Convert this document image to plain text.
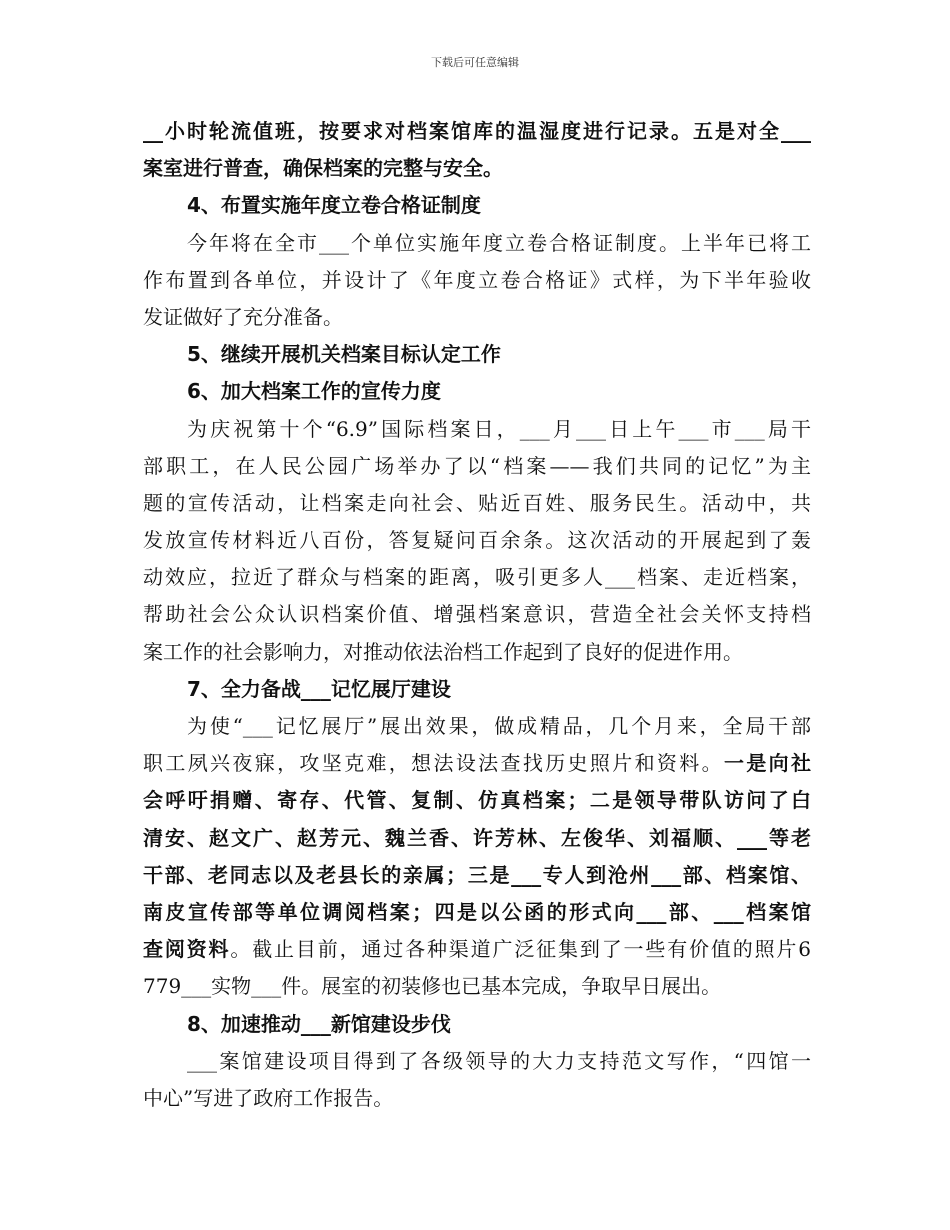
下载后可任意编辑
__小时轮流值班，按要求对档案馆库的温湿度进行记录。五是对全___
案室进行普查，确保档案的完整与安全。
4、布置实施年度立卷合格证制度
今年将在全市___个单位实施年度立卷合格证制度。上半年已将工
作布置到各单位，并设计了《年度立卷合格证》式样，为下半年验收
发证做好了充分准备。
5、继续开展机关档案目标认定工作
6、加大档案工作的宣传力度
为庆祝第十个“6.9”国际档案日，___月___日上午___市___局干
部职工，在人民公园广场举办了以“档案——我们共同的记忆”为主
题的宣传活动，让档案走向社会、贴近百姓、服务民生。活动中，共
发放宣传材料近八百份，答复疑问百余条。这次活动的开展起到了轰
动效应，拉近了群众与档案的距离，吸引更多人___档案、走近档案，
帮助社会公众认识档案价值、增强档案意识，营造全社会关怀支持档
案工作的社会影响力，对推动依法治档工作起到了良好的促进作用。
7、全力备战___记忆展厅建设
为使“___记忆展厅”展出效果，做成精品，几个月来，全局干部
职工夙兴夜寐，攻坚克难，想法设法查找历史照片和资料。一是向社
会呼吁捐赠、寄存、代管、复制、仿真档案；二是领导带队访问了白
清安、赵文广、赵芳元、魏兰香、许芳林、左俊华、刘福顺、___等老
干部、老同志以及老县长的亲属；三是___专人到沧州___部、档案馆、
南皮宣传部等单位调阅档案；四是以公函的形式向___部、___档案馆
查阅资料。截止目前，通过各种渠道广泛征集到了一些有价值的照片6
779___实物___件。展室的初装修也已基本完成，争取早日展出。
8、加速推动___新馆建设步伐
___案馆建设项目得到了各级领导的大力支持范文写作，“四馆一
中心”写进了政府工作报告。
